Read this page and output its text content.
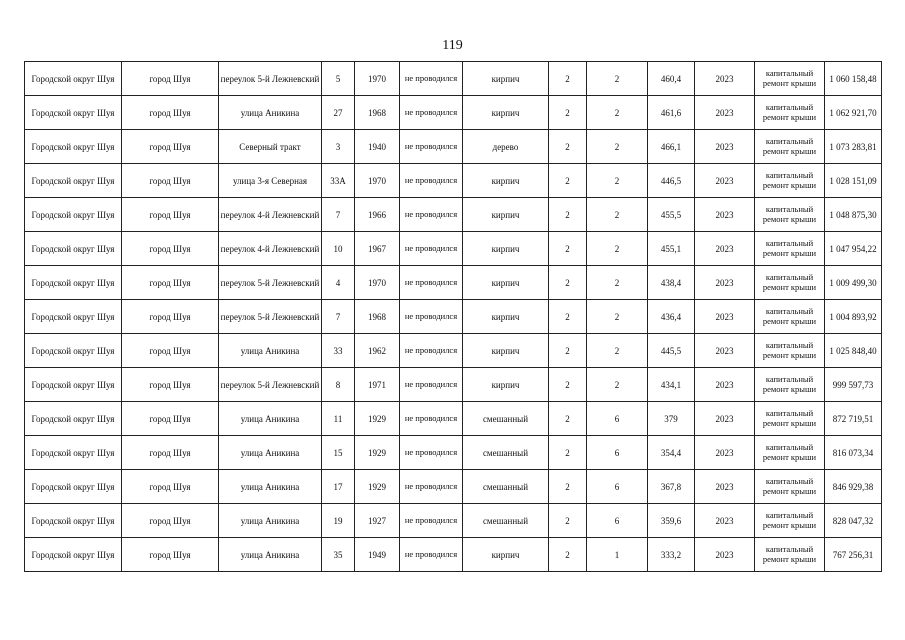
119
Городской округ Шуя	город Шуя	переулок 5-й Лежневский	5	1970	не проводился	кирпич	2	2	460,4	2023	капитальный ремонт крыши	1 060 158,48
Городской округ Шуя	город Шуя	улица Аникина	27	1968	не проводился	кирпич	2	2	461,6	2023	капитальный ремонт крыши	1 062 921,70
Городской округ Шуя	город Шуя	Северный тракт	3	1940	не проводился	дерево	2	2	466,1	2023	капитальный ремонт крыши	1 073 283,81
Городской округ Шуя	город Шуя	улица 3-я Северная	33А	1970	не проводился	кирпич	2	2	446,5	2023	капитальный ремонт крыши	1 028 151,09
Городской округ Шуя	город Шуя	переулок 4-й Лежневский	7	1966	не проводился	кирпич	2	2	455,5	2023	капитальный ремонт крыши	1 048 875,30
Городской округ Шуя	город Шуя	переулок 4-й Лежневский	10	1967	не проводился	кирпич	2	2	455,1	2023	капитальный ремонт крыши	1 047 954,22
Городской округ Шуя	город Шуя	переулок 5-й Лежневский	4	1970	не проводился	кирпич	2	2	438,4	2023	капитальный ремонт крыши	1 009 499,30
Городской округ Шуя	город Шуя	переулок 5-й Лежневский	7	1968	не проводился	кирпич	2	2	436,4	2023	капитальный ремонт крыши	1 004 893,92
Городской округ Шуя	город Шуя	улица Аникина	33	1962	не проводился	кирпич	2	2	445,5	2023	капитальный ремонт крыши	1 025 848,40
Городской округ Шуя	город Шуя	переулок 5-й Лежневский	8	1971	не проводился	кирпич	2	2	434,1	2023	капитальный ремонт крыши	999 597,73
Городской округ Шуя	город Шуя	улица Аникина	11	1929	не проводился	смешанный	2	6	379	2023	капитальный ремонт крыши	872 719,51
Городской округ Шуя	город Шуя	улица Аникина	15	1929	не проводился	смешанный	2	6	354,4	2023	капитальный ремонт крыши	816 073,34
Городской округ Шуя	город Шуя	улица Аникина	17	1929	не проводился	смешанный	2	6	367,8	2023	капитальный ремонт крыши	846 929,38
Городской округ Шуя	город Шуя	улица Аникина	19	1927	не проводился	смешанный	2	6	359,6	2023	капитальный ремонт крыши	828 047,32
Городской округ Шуя	город Шуя	улица Аникина	35	1949	не проводился	кирпич	2	1	333,2	2023	капитальный ремонт крыши	767 256,31
